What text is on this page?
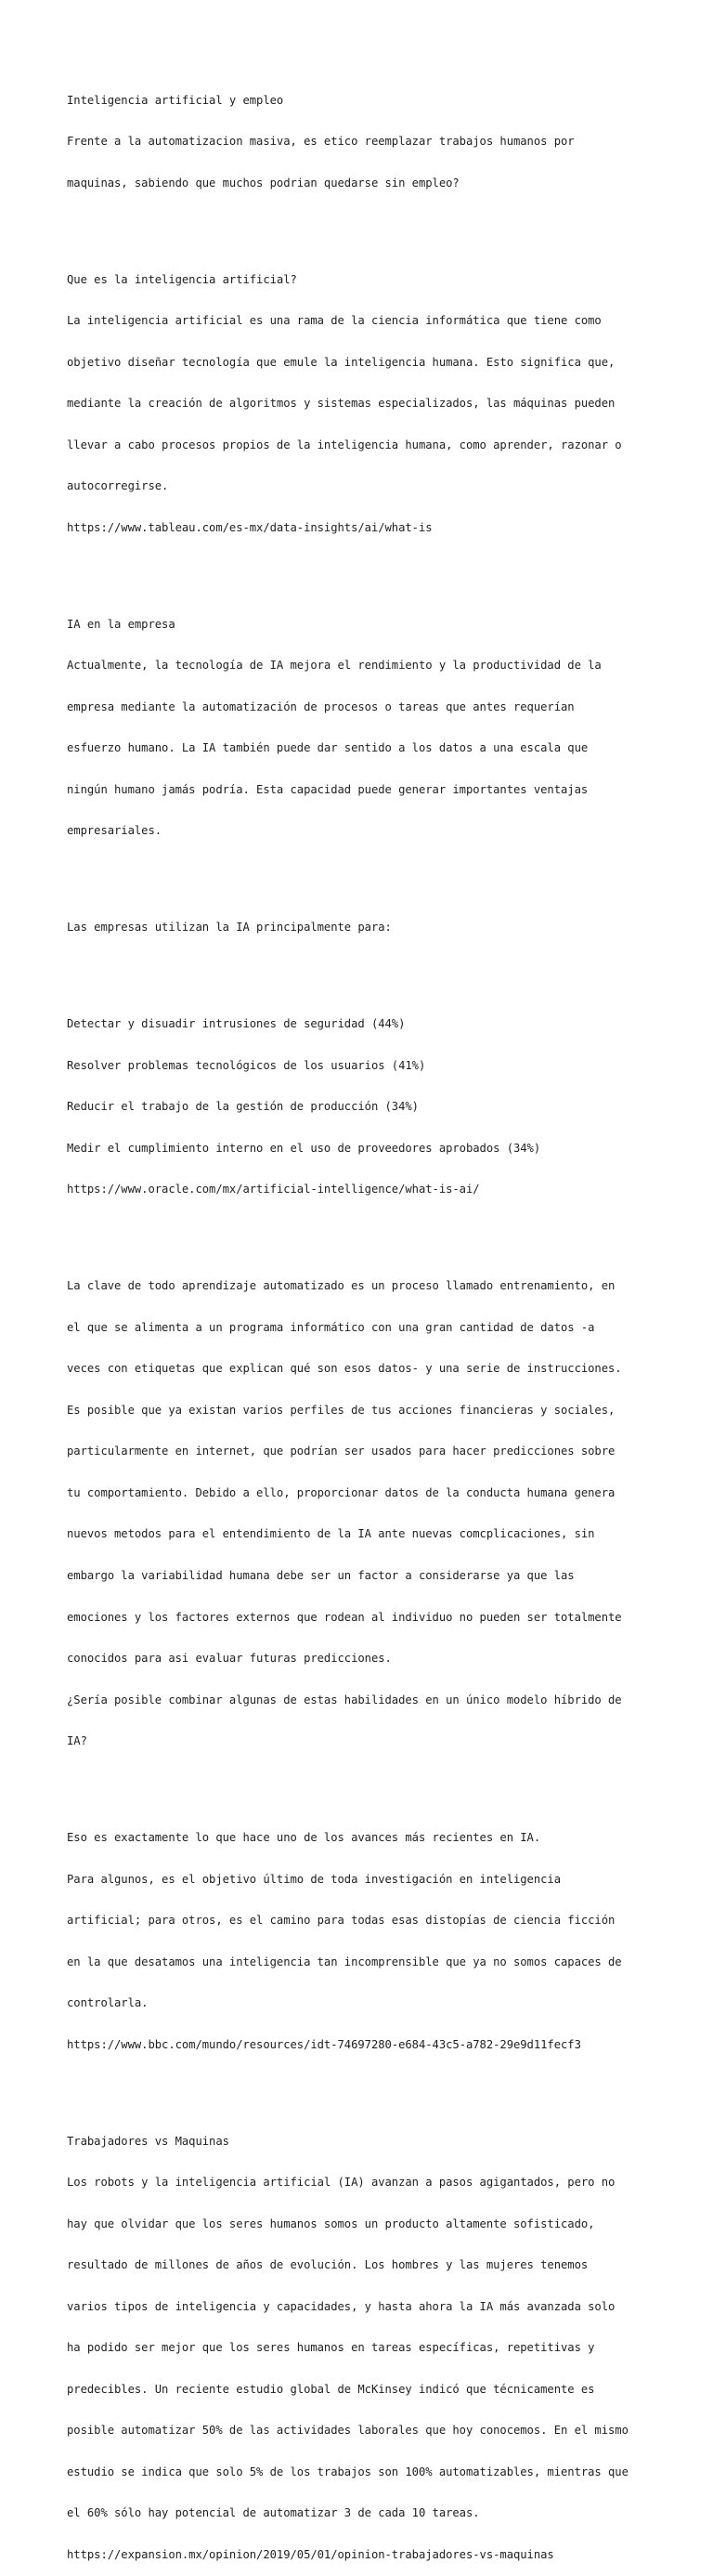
Inteligencia artificial y empleo

Frente a la automatizacion masiva, es etico reemplazar trabajos humanos por

maquinas, sabiendo que muchos podrian quedarse sin empleo?

Que es la inteligencia artificial?

La inteligencia artificial es una rama de la ciencia informática que tiene como

objetivo diseñar tecnología que emule la inteligencia humana. Esto significa que,

mediante la creación de algoritmos y sistemas especializados, las máquinas pueden

llevar a cabo procesos propios de la inteligencia humana, como aprender, razonar o

autocorregirse.

https://www.tableau.com/es-mx/data-insights/ai/what-is

IA en la empresa

Actualmente, la tecnología de IA mejora el rendimiento y la productividad de la

empresa mediante la automatización de procesos o tareas que antes requerían

esfuerzo humano. La IA también puede dar sentido a los datos a una escala que

ningún humano jamás podría. Esta capacidad puede generar importantes ventajas

empresariales.

Las empresas utilizan la IA principalmente para:

Detectar y disuadir intrusiones de seguridad (44%)

Resolver problemas tecnológicos de los usuarios (41%)

Reducir el trabajo de la gestión de producción (34%)

Medir el cumplimiento interno en el uso de proveedores aprobados (34%)

https://www.oracle.com/mx/artificial-intelligence/what-is-ai/

La clave de todo aprendizaje automatizado es un proceso llamado entrenamiento, en

el que se alimenta a un programa informático con una gran cantidad de datos -a

veces con etiquetas que explican qué son esos datos- y una serie de instrucciones.

Es posible que ya existan varios perfiles de tus acciones financieras y sociales,

particularmente en internet, que podrían ser usados para hacer predicciones sobre

tu comportamiento. Debido a ello, proporcionar datos de la conducta humana genera

nuevos metodos para el entendimiento de la IA ante nuevas comcplicaciones, sin

embargo la variabilidad humana debe ser un factor a considerarse ya que las

emociones y los factores externos que rodean al individuo no pueden ser totalmente

conocidos para asi evaluar futuras predicciones.

¿Sería posible combinar algunas de estas habilidades en un único modelo híbrido de

IA?

Eso es exactamente lo que hace uno de los avances más recientes en IA.

Para algunos, es el objetivo último de toda investigación en inteligencia

artificial; para otros, es el camino para todas esas distopías de ciencia ficción

en la que desatamos una inteligencia tan incomprensible que ya no somos capaces de

controlarla.

https://www.bbc.com/mundo/resources/idt-74697280-e684-43c5-a782-29e9d11fecf3

Trabajadores vs Maquinas

Los robots y la inteligencia artificial (IA) avanzan a pasos agigantados, pero no

hay que olvidar que los seres humanos somos un producto altamente sofisticado,

resultado de millones de años de evolución. Los hombres y las mujeres tenemos

varios tipos de inteligencia y capacidades, y hasta ahora la IA más avanzada solo

ha podido ser mejor que los seres humanos en tareas específicas, repetitivas y

predecibles. Un reciente estudio global de McKinsey indicó que técnicamente es

posible automatizar 50% de las actividades laborales que hoy conocemos. En el mismo

estudio se indica que solo 5% de los trabajos son 100% automatizables, mientras que

el 60% sólo hay potencial de automatizar 3 de cada 10 tareas.

https://expansion.mx/opinion/2019/05/01/opinion-trabajadores-vs-maquinas
